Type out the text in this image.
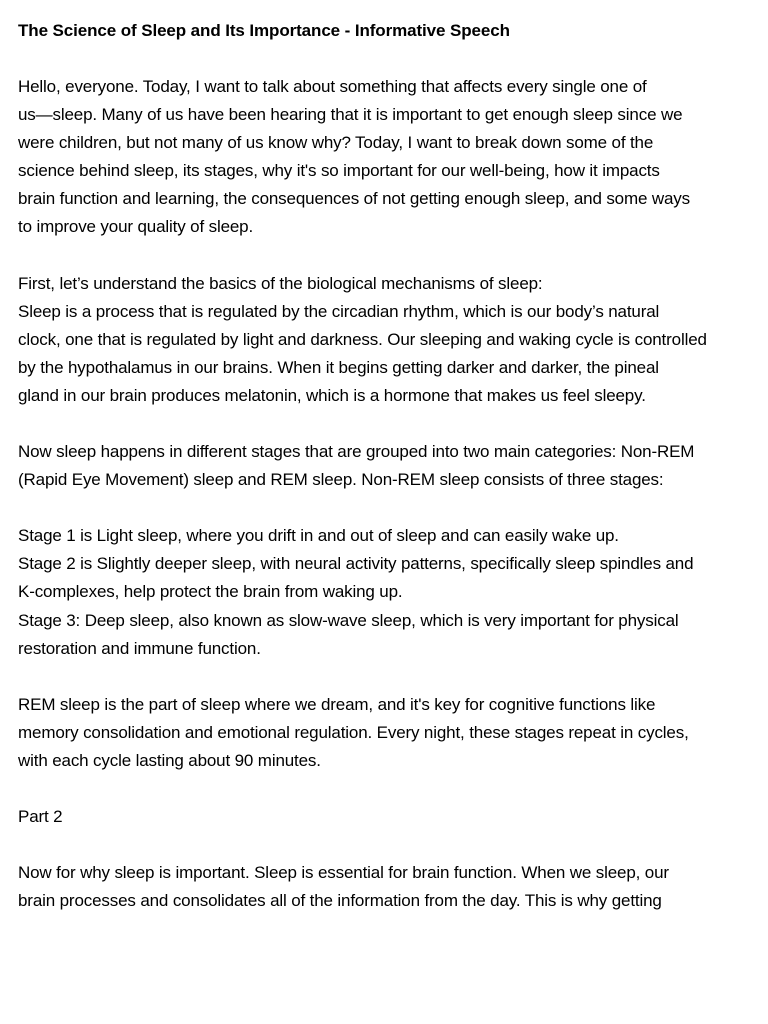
The Science of Sleep and Its Importance - Informative Speech

Hello, everyone. Today, I want to talk about something that affects every single one of
us—sleep. Many of us have been hearing that it is important to get enough sleep since we
were children, but not many of us know why? Today, I want to break down some of the
science behind sleep, its stages, why it's so important for our well-being, how it impacts
brain function and learning, the consequences of not getting enough sleep, and some ways
to improve your quality of sleep.

First, let’s understand the basics of the biological mechanisms of sleep:
Sleep is a process that is regulated by the circadian rhythm, which is our body’s natural
clock, one that is regulated by light and darkness. Our sleeping and waking cycle is controlled
by the hypothalamus in our brains. When it begins getting darker and darker, the pineal
gland in our brain produces melatonin, which is a hormone that makes us feel sleepy.

Now sleep happens in different stages that are grouped into two main categories: Non-REM
(Rapid Eye Movement) sleep and REM sleep. Non-REM sleep consists of three stages:

Stage 1 is Light sleep, where you drift in and out of sleep and can easily wake up.
Stage 2 is Slightly deeper sleep, with neural activity patterns, specifically sleep spindles and
K-complexes, help protect the brain from waking up.
Stage 3: Deep sleep, also known as slow-wave sleep, which is very important for physical
restoration and immune function.

REM sleep is the part of sleep where we dream, and it's key for cognitive functions like
memory consolidation and emotional regulation. Every night, these stages repeat in cycles,
with each cycle lasting about 90 minutes.

Part 2

Now for why sleep is important. Sleep is essential for brain function. When we sleep, our
brain processes and consolidates all of the information from the day. This is why getting
